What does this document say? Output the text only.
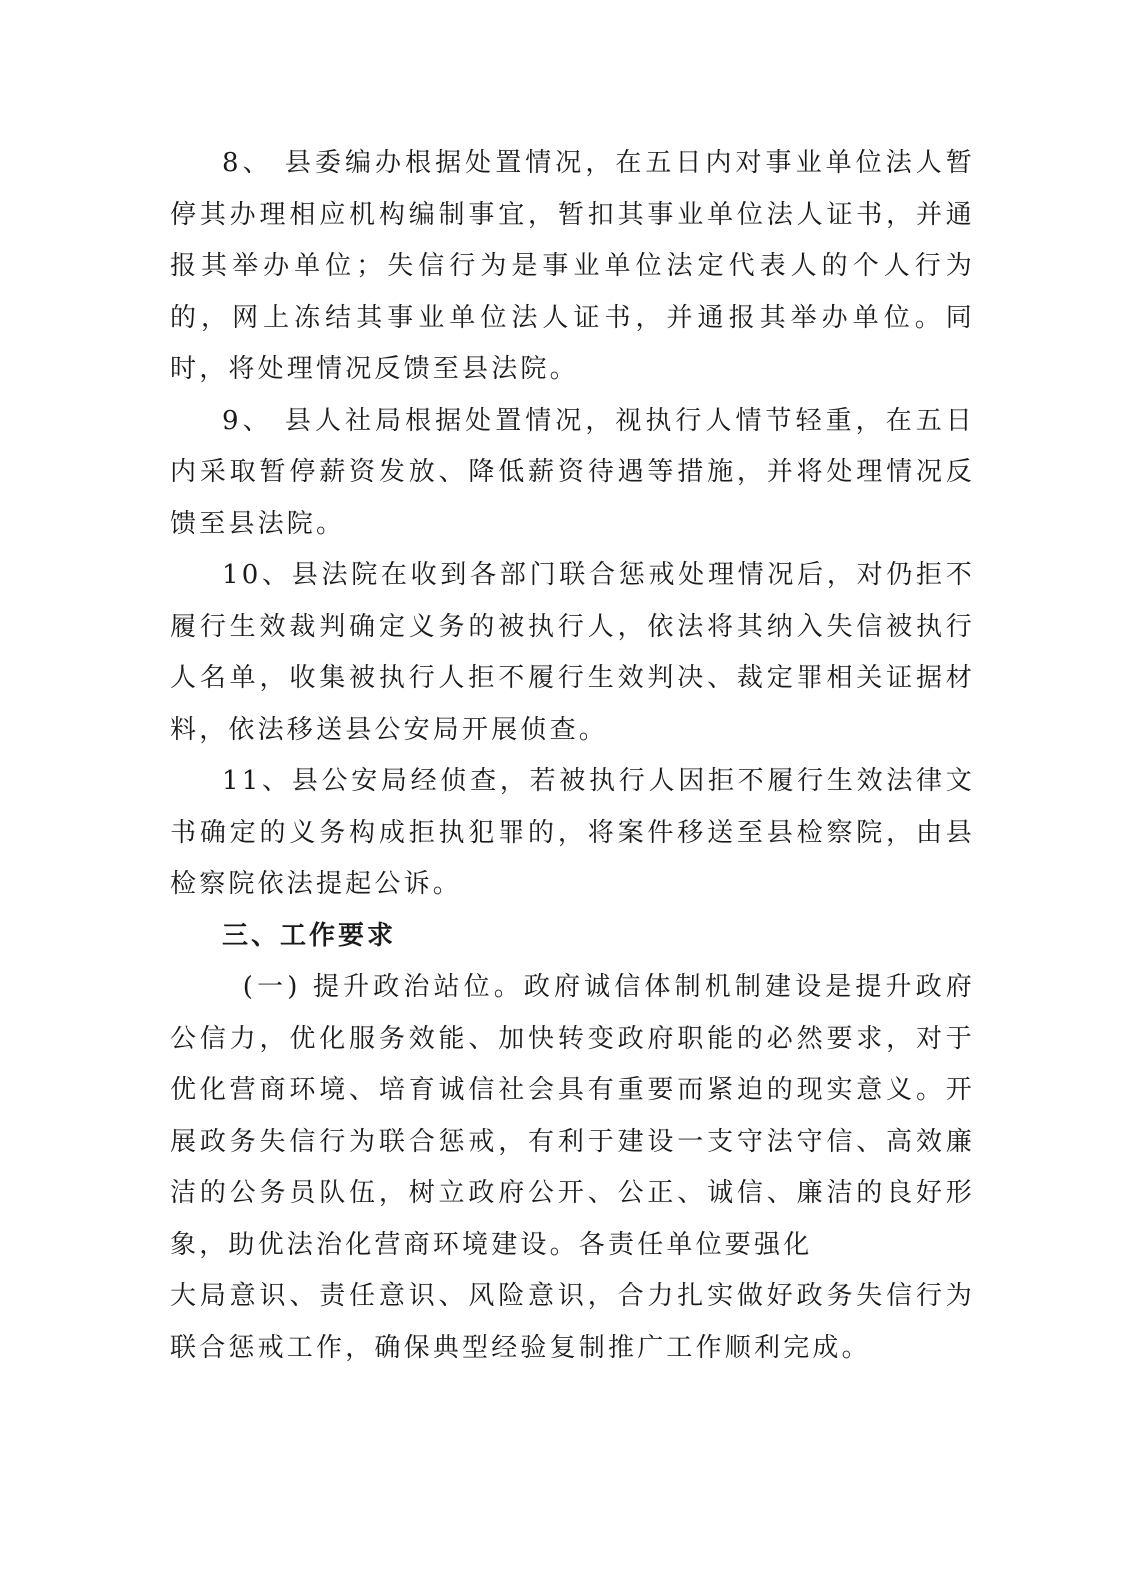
8、 县委编办根据处置情况，在五日内对事业单位法人暂停其办理相应机构编制事宜，暂扣其事业单位法人证书，并通报其举办单位；失信行为是事业单位法定代表人的个人行为的，网上冻结其事业单位法人证书，并通报其举办单位。同时，将处理情况反馈至县法院。

9、 县人社局根据处置情况，视执行人情节轻重，在五日内采取暂停薪资发放、降低薪资待遇等措施，并将处理情况反馈至县法院。

10、县法院在收到各部门联合惩戒处理情况后，对仍拒不履行生效裁判确定义务的被执行人，依法将其纳入失信被执行人名单，收集被执行人拒不履行生效判决、裁定罪相关证据材料，依法移送县公安局开展侦查。

11、县公安局经侦查，若被执行人因拒不履行生效法律文书确定的义务构成拒执犯罪的，将案件移送至县检察院，由县检察院依法提起公诉。

三、工作要求

(一) 提升政治站位。政府诚信体制机制建设是提升政府公信力，优化服务效能、加快转变政府职能的必然要求，对于优化营商环境、培育诚信社会具有重要而紧迫的现实意义。开展政务失信行为联合惩戒，有利于建设一支守法守信、高效廉洁的公务员队伍，树立政府公开、公正、诚信、廉洁的良好形象，助优法治化营商环境建设。各责任单位要强化

大局意识、责任意识、风险意识，合力扎实做好政务失信行为联合惩戒工作，确保典型经验复制推广工作顺利完成。
